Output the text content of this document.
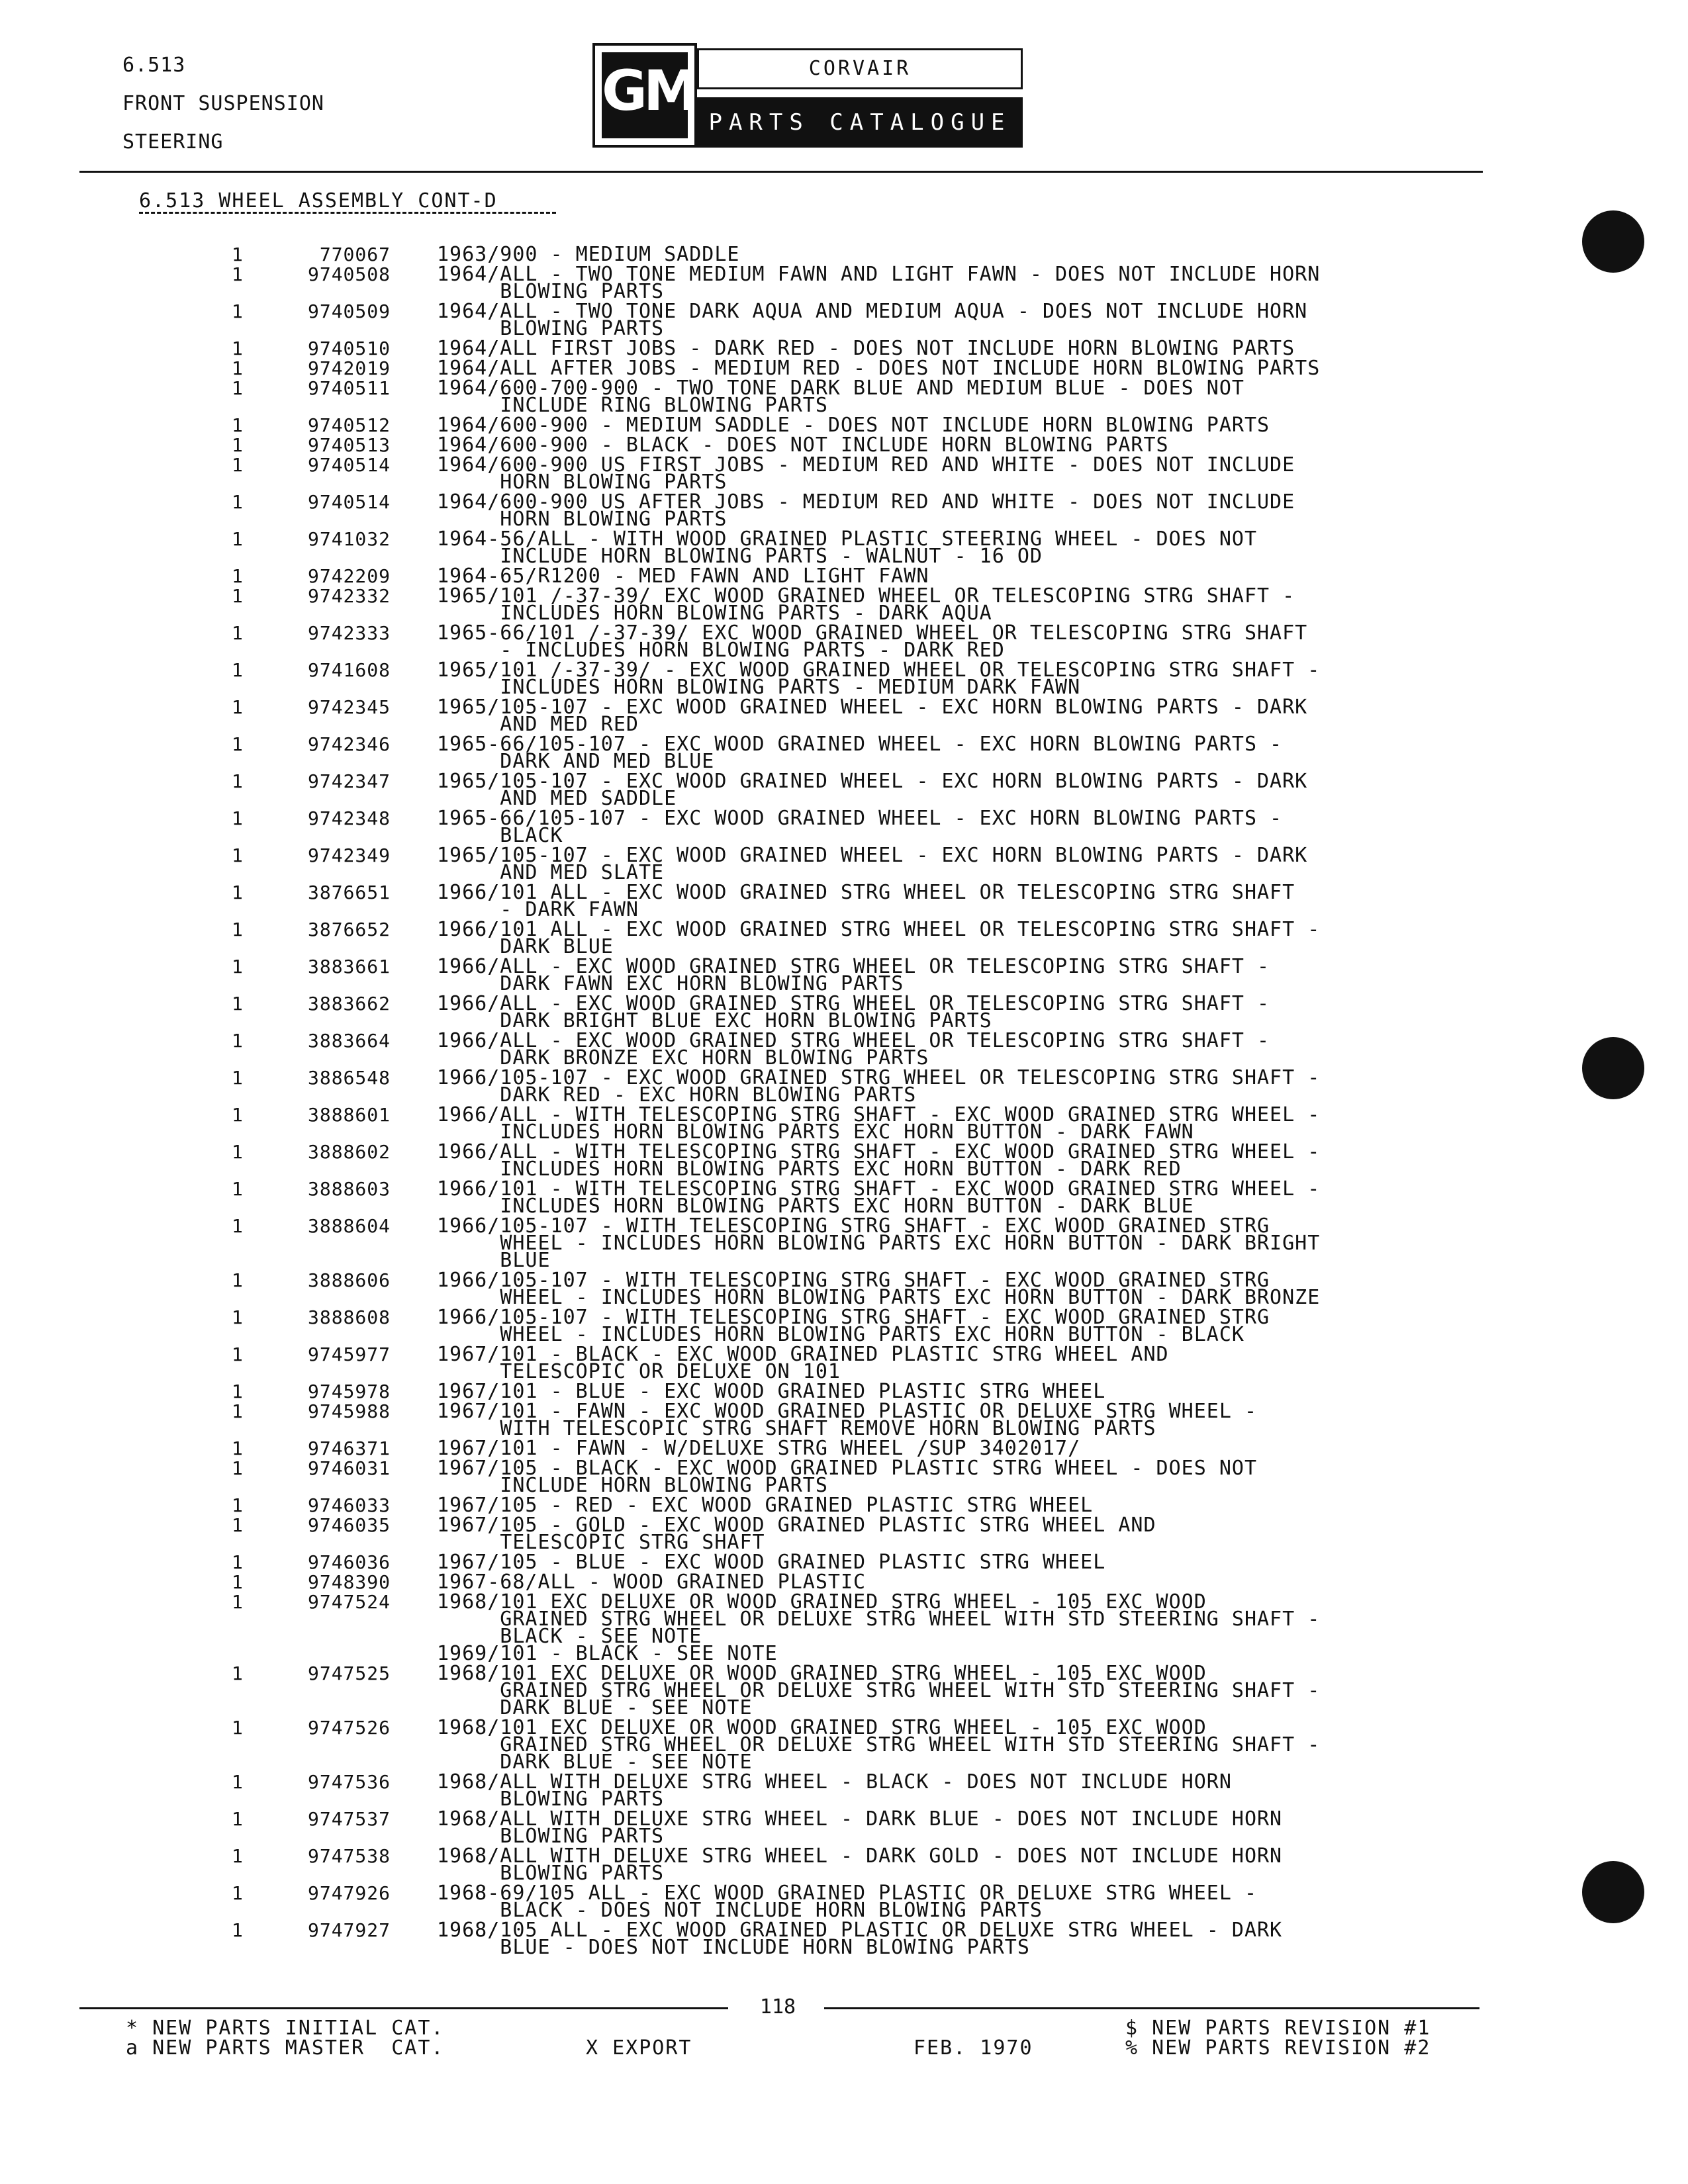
6.513
FRONT SUSPENSION
STEERING
GM	CORVAIR
PARTS CATALOGUE
6.513 WHEEL ASSEMBLY CONT-D
1	770067 1963/900 - MEDIUM SADDLE
1	9740508 1964/ALL - TWO TONE MEDIUM FAWN AND LIGHT FAWN - DOES NOT INCLUDE HORN
BLOWING PARTS
1	9740509 1964/ALL - TWO TONE DARK AQUA AND MEDIUM AQUA - DOES NOT INCLUDE HORN
BLOWING PARTS
1	9740510 1964/ALL FIRST JOBS - DARK RED - DOES NOT INCLUDE HORN BLOWING PARTS
1	9742019 1964/ALL AFTER JOBS - MEDIUM RED - DOES NOT INCLUDE HORN BLOWING PARTS
1	9740511 1964/600-700-900 - TWO TONE DARK BLUE AND MEDIUM BLUE - DOES NOT
INCLUDE RING BLOWING PARTS
1	9740512 1964/600-900 - MEDIUM SADDLE - DOES NOT INCLUDE HORN BLOWING PARTS
1	9740513 1964/600-900 - BLACK - DOES NOT INCLUDE HORN BLOWING PARTS
1	9740514 1964/600-900 US FIRST JOBS - MEDIUM RED AND WHITE - DOES NOT INCLUDE
HORN BLOWING PARTS
1	9740514 1964/600-900 US AFTER JOBS - MEDIUM RED AND WHITE - DOES NOT INCLUDE
HORN BLOWING PARTS
1	9741032 1964-56/ALL - WITH WOOD GRAINED PLASTIC STEERING WHEEL - DOES NOT
INCLUDE HORN BLOWING PARTS - WALNUT - 16 OD
1	9742209 1964-65/R1200 - MED FAWN AND LIGHT FAWN
1	9742332 1965/101 /-37-39/ EXC WOOD GRAINED WHEEL OR TELESCOPING STRG SHAFT -
INCLUDES HORN BLOWING PARTS - DARK AQUA
1	9742333 1965-66/101 /-37-39/ EXC WOOD GRAINED WHEEL OR TELESCOPING STRG SHAFT
- INCLUDES HORN BLOWING PARTS - DARK RED
1	9741608 1965/101 /-37-39/ - EXC WOOD GRAINED WHEEL OR TELESCOPING STRG SHAFT -
INCLUDES HORN BLOWING PARTS - MEDIUM DARK FAWN
1	9742345 1965/105-107 - EXC WOOD GRAINED WHEEL - EXC HORN BLOWING PARTS - DARK
AND MED RED
1	9742346 1965-66/105-107 - EXC WOOD GRAINED WHEEL - EXC HORN BLOWING PARTS -
DARK AND MED BLUE
1	9742347 1965/105-107 - EXC WOOD GRAINED WHEEL - EXC HORN BLOWING PARTS - DARK
AND MED SADDLE
1	9742348 1965-66/105-107 - EXC WOOD GRAINED WHEEL - EXC HORN BLOWING PARTS -
BLACK
1	9742349 1965/105-107 - EXC WOOD GRAINED WHEEL - EXC HORN BLOWING PARTS - DARK
AND MED SLATE
1	3876651 1966/101 ALL - EXC WOOD GRAINED STRG WHEEL OR TELESCOPING STRG SHAFT
- DARK FAWN
1	3876652 1966/101 ALL - EXC WOOD GRAINED STRG WHEEL OR TELESCOPING STRG SHAFT -
DARK BLUE
1	3883661 1966/ALL - EXC WOOD GRAINED STRG WHEEL OR TELESCOPING STRG SHAFT -
DARK FAWN EXC HORN BLOWING PARTS
1	3883662 1966/ALL - EXC WOOD GRAINED STRG WHEEL OR TELESCOPING STRG SHAFT -
DARK BRIGHT BLUE EXC HORN BLOWING PARTS
1	3883664 1966/ALL - EXC WOOD GRAINED STRG WHEEL OR TELESCOPING STRG SHAFT -
DARK BRONZE EXC HORN BLOWING PARTS
1	3886548 1966/105-107 - EXC WOOD GRAINED STRG WHEEL OR TELESCOPING STRG SHAFT -
DARK RED - EXC HORN BLOWING PARTS
1	3888601 1966/ALL - WITH TELESCOPING STRG SHAFT - EXC WOOD GRAINED STRG WHEEL -
INCLUDES HORN BLOWING PARTS EXC HORN BUTTON - DARK FAWN
1	3888602 1966/ALL - WITH TELESCOPING STRG SHAFT - EXC WOOD GRAINED STRG WHEEL -
INCLUDES HORN BLOWING PARTS EXC HORN BUTTON - DARK RED
1	3888603 1966/101 - WITH TELESCOPING STRG SHAFT - EXC WOOD GRAINED STRG WHEEL -
INCLUDES HORN BLOWING PARTS EXC HORN BUTTON - DARK BLUE
1	3888604 1966/105-107 - WITH TELESCOPING STRG SHAFT - EXC WOOD GRAINED STRG
WHEEL - INCLUDES HORN BLOWING PARTS EXC HORN BUTTON - DARK BRIGHT
BLUE
1	3888606 1966/105-107 - WITH TELESCOPING STRG SHAFT - EXC WOOD GRAINED STRG
WHEEL - INCLUDES HORN BLOWING PARTS EXC HORN BUTTON - DARK BRONZE
1	3888608 1966/105-107 - WITH TELESCOPING STRG SHAFT - EXC WOOD GRAINED STRG
WHEEL - INCLUDES HORN BLOWING PARTS EXC HORN BUTTON - BLACK
1	9745977 1967/101 - BLACK - EXC WOOD GRAINED PLASTIC STRG WHEEL AND
TELESCOPIC OR DELUXE ON 101
1	9745978 1967/101 - BLUE - EXC WOOD GRAINED PLASTIC STRG WHEEL
1	9745988 1967/101 - FAWN - EXC WOOD GRAINED PLASTIC OR DELUXE STRG WHEEL -
WITH TELESCOPIC STRG SHAFT REMOVE HORN BLOWING PARTS
1	9746371 1967/101 - FAWN - W/DELUXE STRG WHEEL /SUP 3402017/
1	9746031 1967/105 - BLACK - EXC WOOD GRAINED PLASTIC STRG WHEEL - DOES NOT
INCLUDE HORN BLOWING PARTS
1	9746033 1967/105 - RED - EXC WOOD GRAINED PLASTIC STRG WHEEL
1	9746035 1967/105 - GOLD - EXC WOOD GRAINED PLASTIC STRG WHEEL AND
TELESCOPIC STRG SHAFT
1	9746036 1967/105 - BLUE - EXC WOOD GRAINED PLASTIC STRG WHEEL
1	9748390 1967-68/ALL - WOOD GRAINED PLASTIC
1	9747524 1968/101 EXC DELUXE OR WOOD GRAINED STRG WHEEL - 105 EXC WOOD
GRAINED STRG WHEEL OR DELUXE STRG WHEEL WITH STD STEERING SHAFT -
BLACK - SEE NOTE
1969/101 - BLACK - SEE NOTE
1	9747525 1968/101 EXC DELUXE OR WOOD GRAINED STRG WHEEL - 105 EXC WOOD
GRAINED STRG WHEEL OR DELUXE STRG WHEEL WITH STD STEERING SHAFT -
DARK BLUE - SEE NOTE
1	9747526 1968/101 EXC DELUXE OR WOOD GRAINED STRG WHEEL - 105 EXC WOOD
GRAINED STRG WHEEL OR DELUXE STRG WHEEL WITH STD STEERING SHAFT -
DARK BLUE - SEE NOTE
1	9747536 1968/ALL WITH DELUXE STRG WHEEL - BLACK - DOES NOT INCLUDE HORN
BLOWING PARTS
1	9747537 1968/ALL WITH DELUXE STRG WHEEL - DARK BLUE - DOES NOT INCLUDE HORN
BLOWING PARTS
1	9747538 1968/ALL WITH DELUXE STRG WHEEL - DARK GOLD - DOES NOT INCLUDE HORN
BLOWING PARTS
1	9747926 1968-69/105 ALL - EXC WOOD GRAINED PLASTIC OR DELUXE STRG WHEEL -
BLACK - DOES NOT INCLUDE HORN BLOWING PARTS
1	9747927 1968/105 ALL - EXC WOOD GRAINED PLASTIC OR DELUXE STRG WHEEL - DARK
BLUE - DOES NOT INCLUDE HORN BLOWING PARTS
118
* NEW PARTS INITIAL CAT.
a NEW PARTS MASTER  CAT.	X EXPORT	FEB. 1970
$ NEW PARTS REVISION #1
% NEW PARTS REVISION #2
